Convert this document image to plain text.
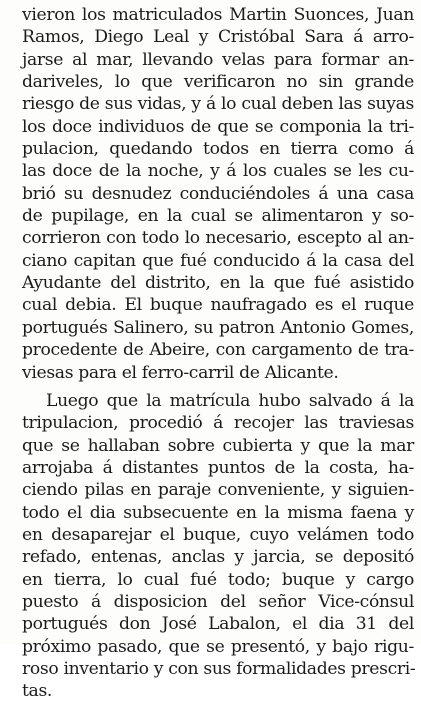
vieron los matriculados Martin Suonces, Juan
Ramos, Diego Leal y Cristóbal Sara á arro-
jarse al mar, llevando velas para formar an-
dariveles, lo que verificaron no sin grande
riesgo de sus vidas, y á lo cual deben las suyas
los doce individuos de que se componia la tri-
pulacion, quedando todos en tierra como á
las doce de la noche, y á los cuales se les cu-
brió su desnudez conduciéndoles á una casa
de pupilage, en la cual se alimentaron y so-
corrieron con todo lo necesario, escepto al an-
ciano capitan que fué conducido á la casa del
Ayudante del distrito, en la que fué asistido
cual debia. El buque naufragado es el ruque
portugués Salinero, su patron Antonio Gomes,
procedente de Abeire, con cargamento de tra-
viesas para el ferro-carril de Alicante.
Luego que la matrícula hubo salvado á la
tripulacion, procedió á recojer las traviesas
que se hallaban sobre cubierta y que la mar
arrojaba á distantes puntos de la costa, ha-
ciendo pilas en paraje conveniente, y siguien-
todo el dia subsecuente en la misma faena y
en desaparejar el buque, cuyo velámen todo
refado, entenas, anclas y jarcia, se depositó
en tierra, lo cual fué todo; buque y cargo
puesto á disposicion del señor Vice-cónsul
portugués don José Labalon, el dia 31 del
próximo pasado, que se presentó, y bajo rigu-
roso inventario y con sus formalidades prescri-
tas.
